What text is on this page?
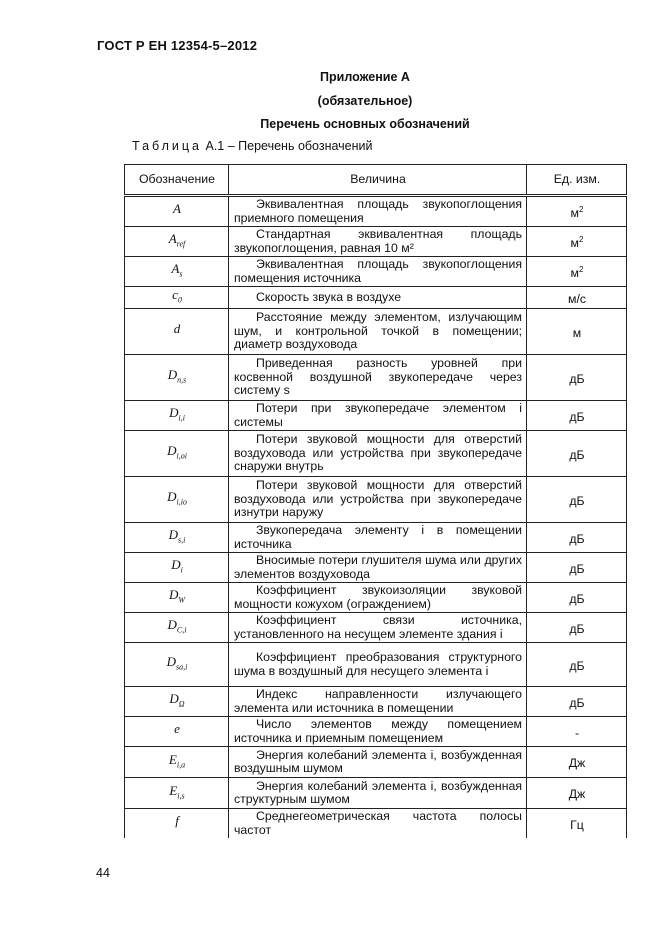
ГОСТ Р ЕН 12354-5–2012
Приложение А
(обязательное)
Перечень основных обозначений
Таблица А.1 – Перечень обозначений
Обозначение	Величина	Ед. изм.
A	Эквивалентная площадь звукопоглощения приемного помещения	$м^2$
$A_{ref}$	Стандартная эквивалентная площадь звукопоглощения, равная 10 м²	$м^2$
$A_s$	Эквивалентная площадь звукопоглощения помещения источника	$м^2$
$c_0$	Скорость звука в воздухе	м/с
d	Расстояние между элементом, излучающим шум, и контрольной точкой в помещении; диаметр воздуховода	м
$D_{n,s}$	Приведенная разность уровней при косвенной воздушной звукопередаче через систему s	дБ
$D_{i,i}$	Потери при звукопередаче элементом i системы	дБ
$D_{i,oi}$	Потери звуковой мощности для отверстий воздуховода или устройства при звукопередаче снаружи внутрь	дБ
$D_{i,io}$	Потери звуковой мощности для отверстий воздуховода или устройства при звукопередаче изнутри наружу	дБ
$D_{s,i}$	Звукопередача элементу i в помещении источника	дБ
$D_i$	Вносимые потери глушителя шума или других элементов воздуховода	дБ
$D_W$	Коэффициент звукоизоляции звуковой мощности кожухом (ограждением)	дБ
$D_{C,i}$	Коэффициент связи источника, установленного на несущем элементе здания i	дБ
$D_{sa,i}$	Коэффициент преобразования структурного шума в воздушный для несущего элемента i	дБ
$D_\Omega$	Индекс направленности излучающего элемента или источника в помещении	дБ
e	Число элементов между помещением источника и приемным помещением	-
$E_{i,a}$	Энергия колебаний элемента i, возбужденная воздушным шумом	Дж
$E_{i,s}$	Энергия колебаний элемента i, возбужденная структурным шумом	Дж
f	Среднегеометрическая частота полосы частот	Гц
44
